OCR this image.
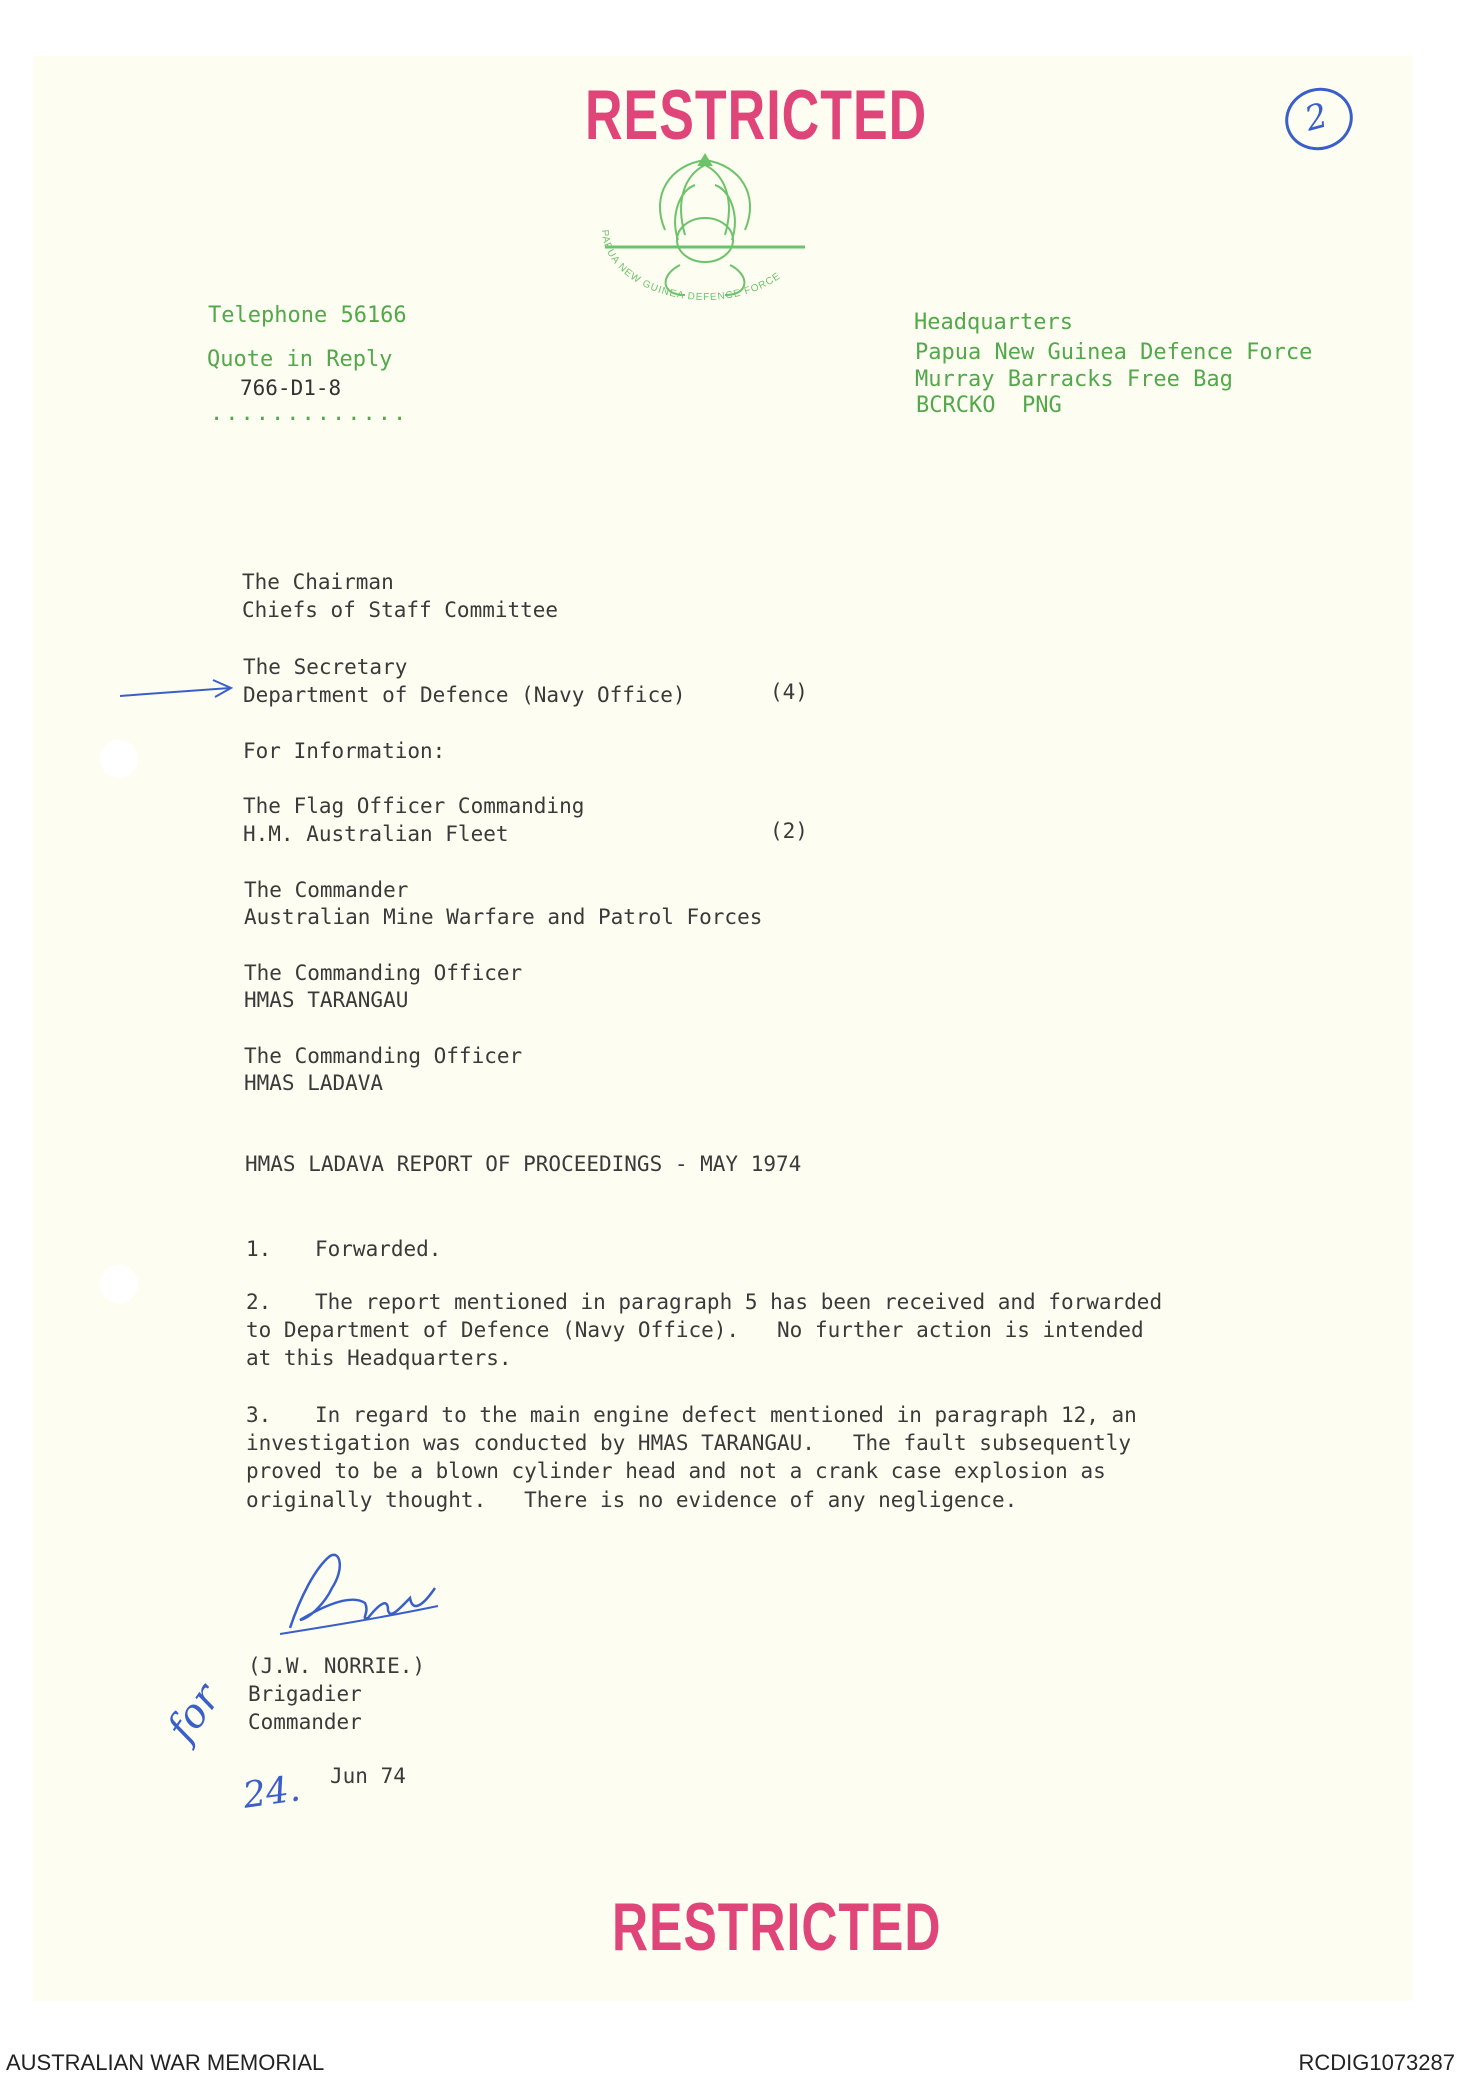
RESTRICTED	2
PAPUA NEW GUINEA DEFENCE FORCE
Telephone 56166
Quote in Reply
766-D1-8
.............
Headquarters
Papua New Guinea Defence Force
Murray Barracks Free Bag
BCRCKO  PNG
The Chairman
Chiefs of Staff Committee
The Secretary
Department of Defence (Navy Office)	(4)
For Information:
The Flag Officer Commanding
H.M. Australian Fleet	(2)
The Commander
Australian Mine Warfare and Patrol Forces
The Commanding Officer
HMAS TARANGAU
The Commanding Officer
HMAS LADAVA
HMAS LADAVA REPORT OF PROCEEDINGS - MAY 1974
1. Forwarded.
2. The report mentioned in paragraph 5 has been received and forwarded
to Department of Defence (Navy Office).   No further action is intended
at this Headquarters.
3. In regard to the main engine defect mentioned in paragraph 12, an
investigation was conducted by HMAS TARANGAU.   The fault subsequently
proved to be a blown cylinder head and not a crank case explosion as
originally thought.   There is no evidence of any negligence.
(J.W. NORRIE.)
Brigadier
Commander
for
24. Jun 74
RESTRICTED
AUSTRALIAN WAR MEMORIAL	RCDIG1073287
